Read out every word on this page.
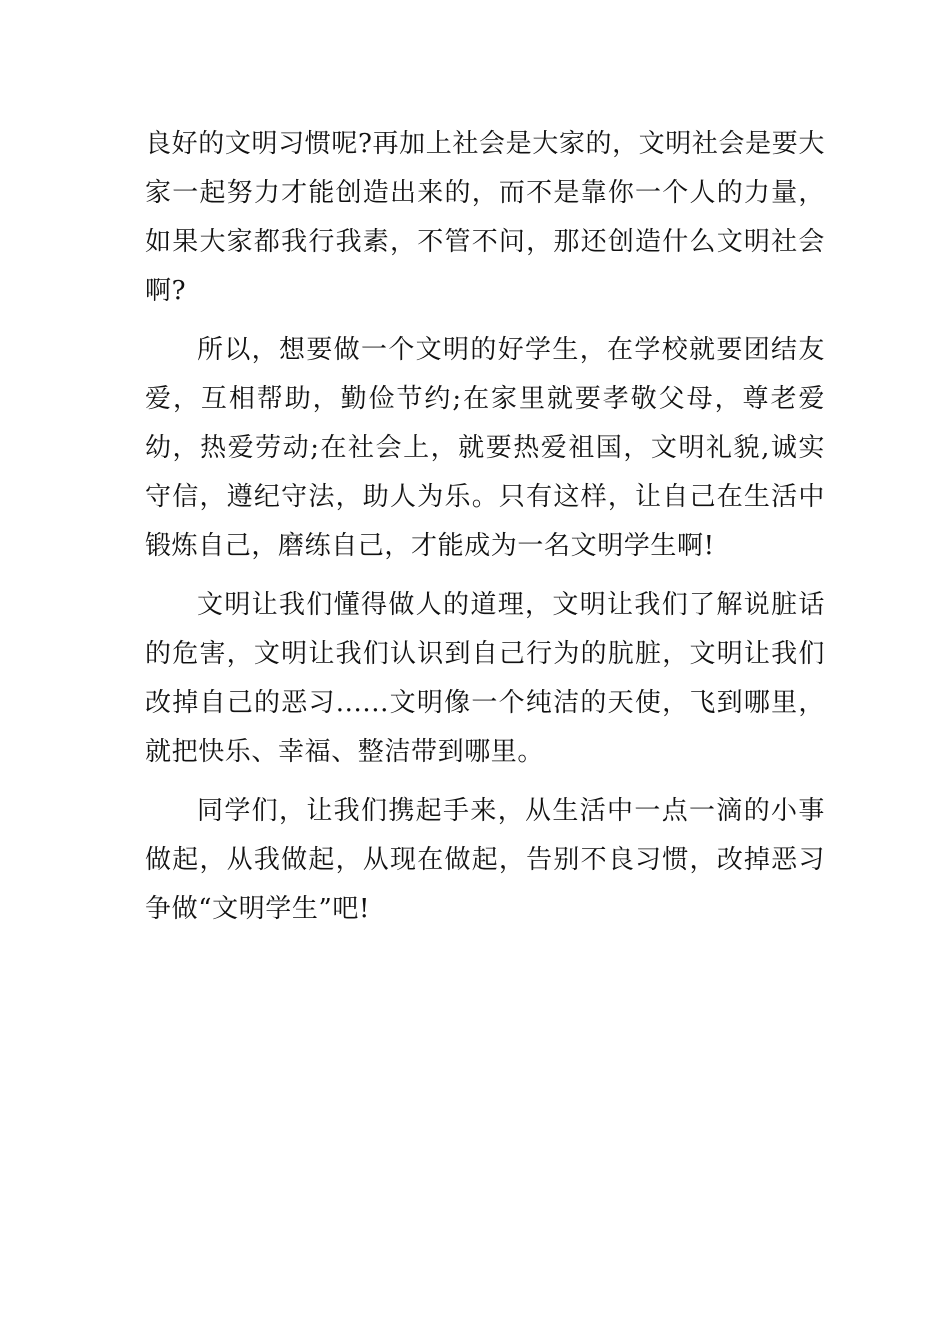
良好的文明习惯呢?再加上社会是大家的，文明社会是要大家一起努力才能创造出来的，而不是靠你一个人的力量，如果大家都我行我素，不管不问，那还创造什么文明社会啊?

所以，想要做一个文明的好学生，在学校就要团结友爱，互相帮助，勤俭节约;在家里就要孝敬父母，尊老爱幼，热爱劳动;在社会上，就要热爱祖国，文明礼貌,诚实守信，遵纪守法，助人为乐。只有这样，让自己在生活中锻炼自己，磨练自己，才能成为一名文明学生啊!

文明让我们懂得做人的道理，文明让我们了解说脏话的危害，文明让我们认识到自己行为的肮脏，文明让我们改掉自己的恶习......文明像一个纯洁的天使，飞到哪里，就把快乐、幸福、整洁带到哪里。

同学们，让我们携起手来，从生活中一点一滴的小事做起，从我做起，从现在做起，告别不良习惯，改掉恶习争做“文明学生”吧!
